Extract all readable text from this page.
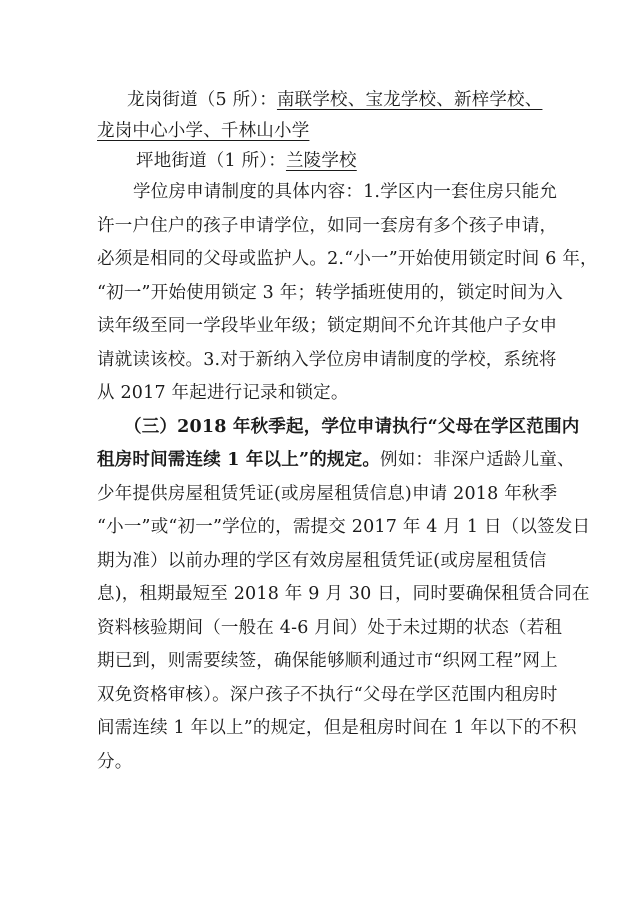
龙岗街道（5 所）：南联学校、宝龙学校、新梓学校、
龙岗中心小学、千林山小学
坪地街道（1 所）：兰陵学校
学位房申请制度的具体内容：1.学区内一套住房只能允
许一户住户的孩子申请学位，如同一套房有多个孩子申请，
必须是相同的父母或监护人。2.“小一”开始使用锁定时间 6 年，
“初一”开始使用锁定 3 年；转学插班使用的，锁定时间为入
读年级至同一学段毕业年级；锁定期间不允许其他户子女申
请就读该校。3.对于新纳入学位房申请制度的学校，系统将
从 2017 年起进行记录和锁定。
（三）2018 年秋季起，学位申请执行“父母在学区范围内
租房时间需连续 1 年以上”的规定。例如：非深户适龄儿童、
少年提供房屋租赁凭证(或房屋租赁信息)申请 2018 年秋季
“小一”或“初一”学位的，需提交 2017 年 4 月 1 日（以签发日
期为准）以前办理的学区有效房屋租赁凭证(或房屋租赁信
息)，租期最短至 2018 年 9 月 30 日，同时要确保租赁合同在
资料核验期间（一般在 4-6 月间）处于未过期的状态（若租
期已到，则需要续签，确保能够顺利通过市“织网工程”网上
双免资格审核）。深户孩子不执行“父母在学区范围内租房时
间需连续 1 年以上”的规定，但是租房时间在 1 年以下的不积
分。
